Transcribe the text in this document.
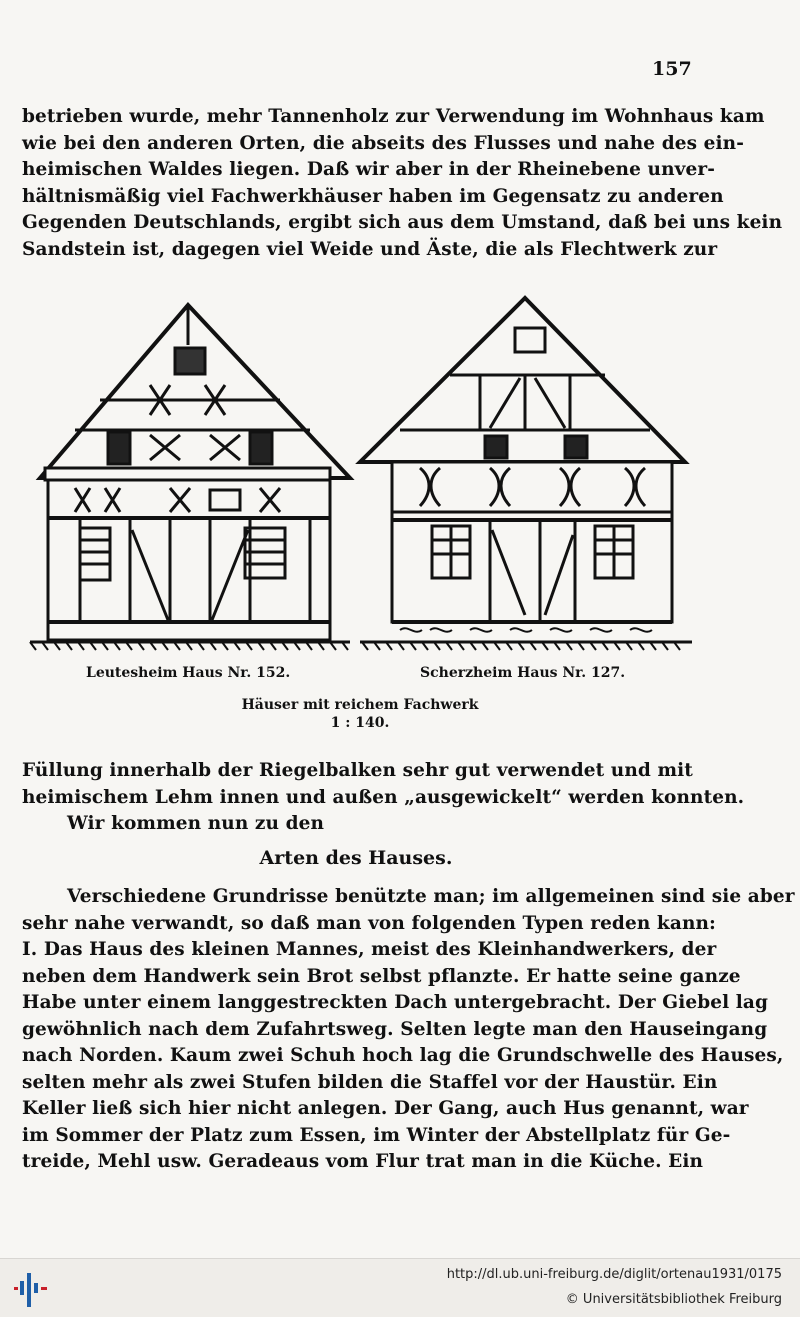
157
betrieben wurde, mehr Tannenholz zur Verwendung im Wohnhaus kam
wie bei den anderen Orten, die abseits des Flusses und nahe des ein-
heimischen Waldes liegen. Daß wir aber in der Rheinebene unver-
hältnismäßig viel Fachwerkhäuser haben im Gegensatz zu anderen
Gegenden Deutschlands, ergibt sich aus dem Umstand, daß bei uns kein
Sandstein ist, dagegen viel Weide und Äste, die als Flechtwerk zur
Leutesheim Haus Nr. 152.	Scherzheim Haus Nr. 127.
Häuser mit reichem Fachwerk
1 : 140.
Füllung innerhalb der Riegelbalken sehr gut verwendet und mit
heimischem Lehm innen und außen „ausgewickelt“ werden konnten.
Wir kommen nun zu den
Arten des Hauses.
Verschiedene Grundrisse benützte man; im allgemeinen sind sie aber
sehr nahe verwandt, so daß man von folgenden Typen reden kann:
I. Das Haus des kleinen Mannes, meist des Kleinhandwerkers, der
neben dem Handwerk sein Brot selbst pflanzte. Er hatte seine ganze
Habe unter einem langgestreckten Dach untergebracht. Der Giebel lag
gewöhnlich nach dem Zufahrtsweg. Selten legte man den Hauseingang
nach Norden. Kaum zwei Schuh hoch lag die Grundschwelle des Hauses,
selten mehr als zwei Stufen bilden die Staffel vor der Haustür. Ein
Keller ließ sich hier nicht anlegen. Der Gang, auch Hus genannt, war
im Sommer der Platz zum Essen, im Winter der Abstellplatz für Ge-
treide, Mehl usw. Geradeaus vom Flur trat man in die Küche. Ein
http://dl.ub.uni-freiburg.de/diglit/ortenau1931/0175
© Universitätsbibliothek Freiburg
